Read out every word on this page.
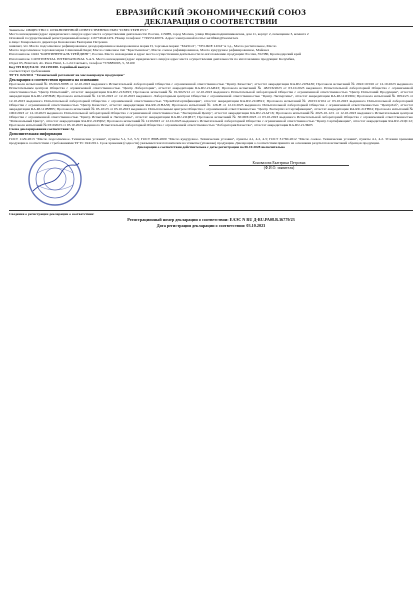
ЕВРАЗИЙСКИЙ ЭКОНОМИЧЕСКИЙ СОЮЗ
ДЕКЛАРАЦИЯ О СООТВЕТСТВИИ
Заявитель: ОБЩЕСТВО С ОГРАНИЧЕННОЙ ОТВЕТСТВЕННОСТЬЮ "И ВЕСТЕРН РУС"
Место нахождения (адрес юридического лица) и адрес места осуществления деятельности: Россия, 115088, город Москва, улица Шарикоподшипниковская, дом 11, корпус 2, помещение 3, комната 2
Основной государственный регистрационный номер: 1167746441474. Номер телефона: +74955140074. Адрес электронной почты: sertifikat@iwestern.ru
в лице: Генерального директора Коновалова Екатерина Петровна
заявляет, что Масло подсолнечное рафинированное дезодорированное вымороженное марки П, торговые марки: "MASLO", "VELIKIE LUKI" и т.д., Масло растительное, Масло
Масло подсолнечное торговая марка Сливочный Кеди; Масло сливочное тип "Крестьянское", Масло соевое рафинированное, Масло кукурузное рафинированное, Майонез
Изготовитель: ООО "КОНТИНЕНТАЛЬ ТРЕЙДИНГ", Россия. Место нахождения и адрес места осуществления деятельности по изготовлению продукции: Россия, 352380, Краснодарский край
Изготовитель: CONTINENTAL INTERNATIONAL S.A.S. Место нахождения (адрес юридического лица) и адрес места осуществления деятельности по изготовлению продукции: Колумбия,
Отдел 65, Bolevard, Av. Peres Hatul, L-1-24 Сантьяго, телефон +576885003, 5, 33100
Код ТН ВЭД ЕАЭС 1512191000. Серийный выпуск
соответствует требованиям
ТР ТС 024/2011 "Технический регламент на масложировую продукцию"
Декларация о соответствии принята на основании
Протокола испытаний № 03/2021/0088 от 12.10.2023 выданного Испытательной лабораторией Общества с ограниченной ответственностью "Центр Качества", аттестат аккредитации RA.RU.21НА36; Протокола испытаний № 2022/10/016 от 12.10.2023 выданного Испытательным центром Общества с ограниченной ответственностью "Центр Лаборатории", аттестат аккредитации RA.RU.21АИ43; Протокола испытаний № 4823/6/2023 от 03.10.2023 выданного Испытательной лабораторией Общества с ограниченной ответственностью "Центр Испытаний", аттестат аккредитации RA.RU.21ХЛ93; Протокола испытаний № 01/2023/12 от 12.10.2023 выданного Испытательной лабораторией Общества с ограниченной ответственностью "Центр Испытаний Продукции", аттестат аккредитации RA.RU.21ЕН48; Протокола испытаний № 12/10-2023 от 12.10.2023 выданного Лабораторным центром Общества с ограниченной ответственностью "Центр Экспертизы", аттестат аккредитации RA.RU.21ПЛ04; Протокола испытаний № 0054/23 от 12.10.2023 выданного Испытательной лабораторией Общества с ограниченной ответственностью "ПромТехСертификация", аттестат аккредитации RA.RU.21ОН21; Протокола испытаний № 2023/10/104 от 03.10.2023 выданного Испытательной лабораторией Общества с ограниченной ответственностью "Центр Качества", аттестат аккредитации RA.RU.21НА36; Протокола испытаний № 126-Н от 12.10.2023 выданного Испытательной лабораторией Общества с ограниченной ответственностью "ЦентрЛаб", аттестат аккредитации RA.RU.21ВН83; Протокола испытаний № 03-10/23 от 03.10.2023 выданного Испытательным центром Общества с ограниченной ответственностью "Центр Экспертиз и Сертификации", аттестат аккредитации RA.RU.21ГН04; Протокола испытаний № 1002/2023 от 12.10.2023 выданного Испытательной лабораторией Общества с ограниченной ответственностью "Экспертный Центр", аттестат аккредитации RA.RU.21АГ16; Протокола испытаний № 2023-10-12/1 от 12.10.2023 выданного Испытательным центром Общества с ограниченной ответственностью "Центр Испытаний и Экспертизы", аттестат аккредитации RA.RU.21ЦИ17; Протокола испытаний № 301003/2023 от 03.10.2023 выданного Испытательной лабораторией Общества с ограниченной ответственностью "Региональный Центр", аттестат аккредитации RA.RU.21РЦ02; Протокола испытаний № 12102023 от 12.10.2023 выданного Испытательной лабораторией Общества с ограниченной ответственностью "Центр Сертификации", аттестат аккредитации RA.RU.21ЦС12; Протокола испытаний № 03102023 от 03.10.2023 выданного Испытательной лабораторией Общества с ограниченной ответственностью "Лаборатория Качества", аттестат аккредитации RA.RU.21ЛК05
Схема декларирования соответствия: 3д
Дополнительная информация
ГОСТ 1129-2013 "Масло подсолнечное. Технические условия", пункты 5.1, 5.2, 5.3; ГОСТ 8808-2000 "Масло кукурузное. Технические условия", пункты 4.1, 4.2, 4.3; ГОСТ 31760-2012 "Масло соевое. Технические условия", пункты 4.1, 4.2. Условия хранения продукции в соответствии с требованиями ТР ТС 024/2011. Срок хранения (годности) указывается изготовителем на этикетке (упаковке) продукции. Декларация о соответствии принята на основании результатов испытаний образцов продукции.
Декларация о соответствии действительна с даты регистрации по 06.10.2028 включительно
Коновалова Екатерина Петровна
(Ф.И.О. заявителя)
Сведения о регистрации декларации о соответствии:
Регистрационный номер декларации о соответствии: ЕАЭС N RU Д-RU.РА08.В.36779/23
Дата регистрации декларации о соответствии: 03.10.2023
